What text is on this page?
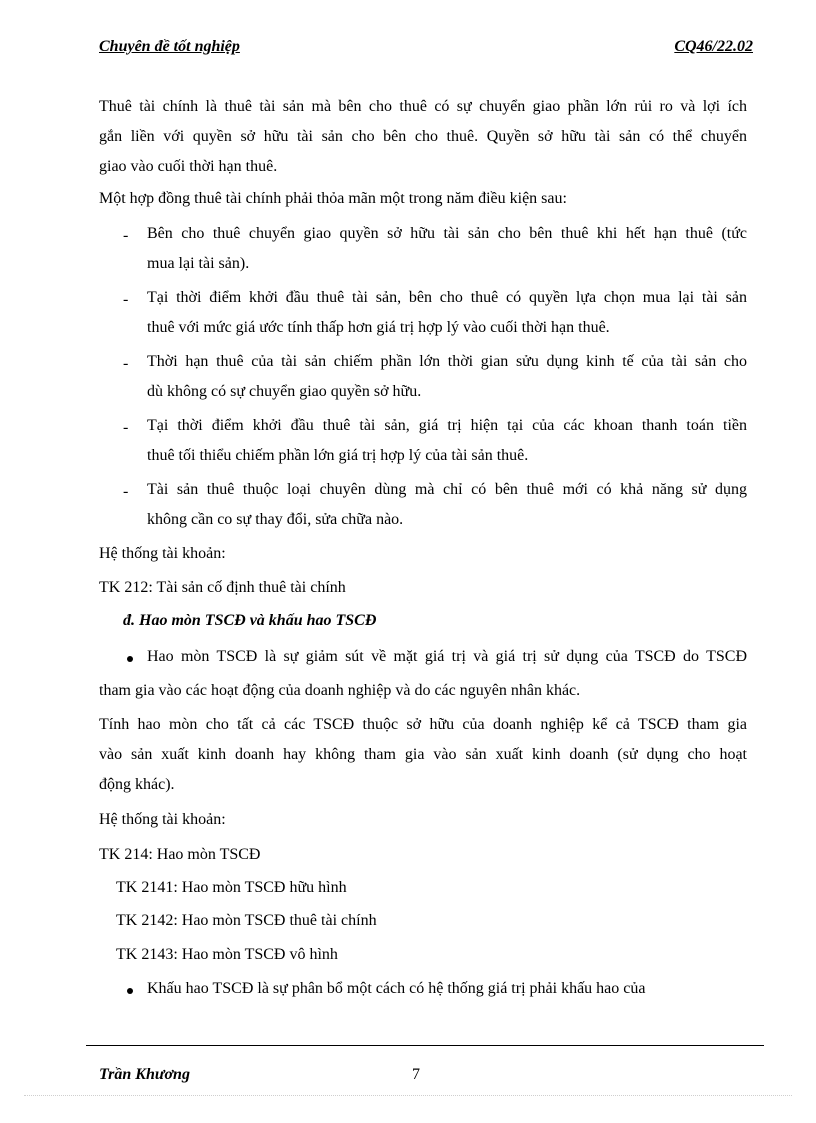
Chuyên đề tốt nghiệp	CQ46/22.02
Thuê tài chính là thuê tài sản mà bên cho thuê có sự chuyển giao phần lớn rủi ro và lợi ích
gắn liền với quyền sở hữu tài sản cho bên cho thuê. Quyền sở hữu tài sản có thể chuyển
giao vào cuối thời hạn thuê.
Một hợp đồng thuê tài chính phải thỏa mãn một trong năm điều kiện sau:
- Bên cho thuê chuyển giao quyền sở hữu tài sản cho bên thuê khi hết hạn thuê (tức
mua lại tài sản).
- Tại thời điểm khởi đầu thuê tài sản, bên cho thuê có quyền lựa chọn mua lại tài sản
thuê với mức giá ước tính thấp hơn giá trị hợp lý vào cuối thời hạn thuê.
- Thời hạn thuê của tài sản chiếm phần lớn thời gian sửu dụng kinh tế của tài sản cho
dù không có sự chuyển giao quyền sở hữu.
- Tại thời điểm khởi đầu thuê tài sản, giá trị hiện tại của các khoan thanh toán tiền
thuê tối thiểu chiếm phần lớn giá trị hợp lý của tài sản thuê.
- Tài sản thuê thuộc loại chuyên dùng mà chỉ có bên thuê mới có khả năng sử dụng
không cần co sự thay đổi, sửa chữa nào.
Hệ thống tài khoản:
TK 212: Tài sản cố định thuê tài chính
đ. Hao mòn TSCĐ và khấu hao TSCĐ
Hao mòn TSCĐ là sự giảm sút về mặt giá trị và giá trị sử dụng của TSCĐ do TSCĐ
tham gia vào các hoạt động của doanh nghiệp và do các nguyên nhân khác.
Tính hao mòn cho tất cả các TSCĐ thuộc sở hữu của doanh nghiệp kể cả TSCĐ tham gia
vào sản xuất kinh doanh hay không tham gia vào sản xuất kinh doanh (sử dụng cho hoạt
động khác).
Hệ thống tài khoản:
TK 214: Hao mòn TSCĐ
TK 2141: Hao mòn TSCĐ hữu hình
TK 2142: Hao mòn TSCĐ thuê tài chính
TK 2143: Hao mòn TSCĐ vô hình
Khấu hao TSCĐ là sự phân bổ một cách có hệ thống giá trị phải khấu hao của
Trần Khương	7
